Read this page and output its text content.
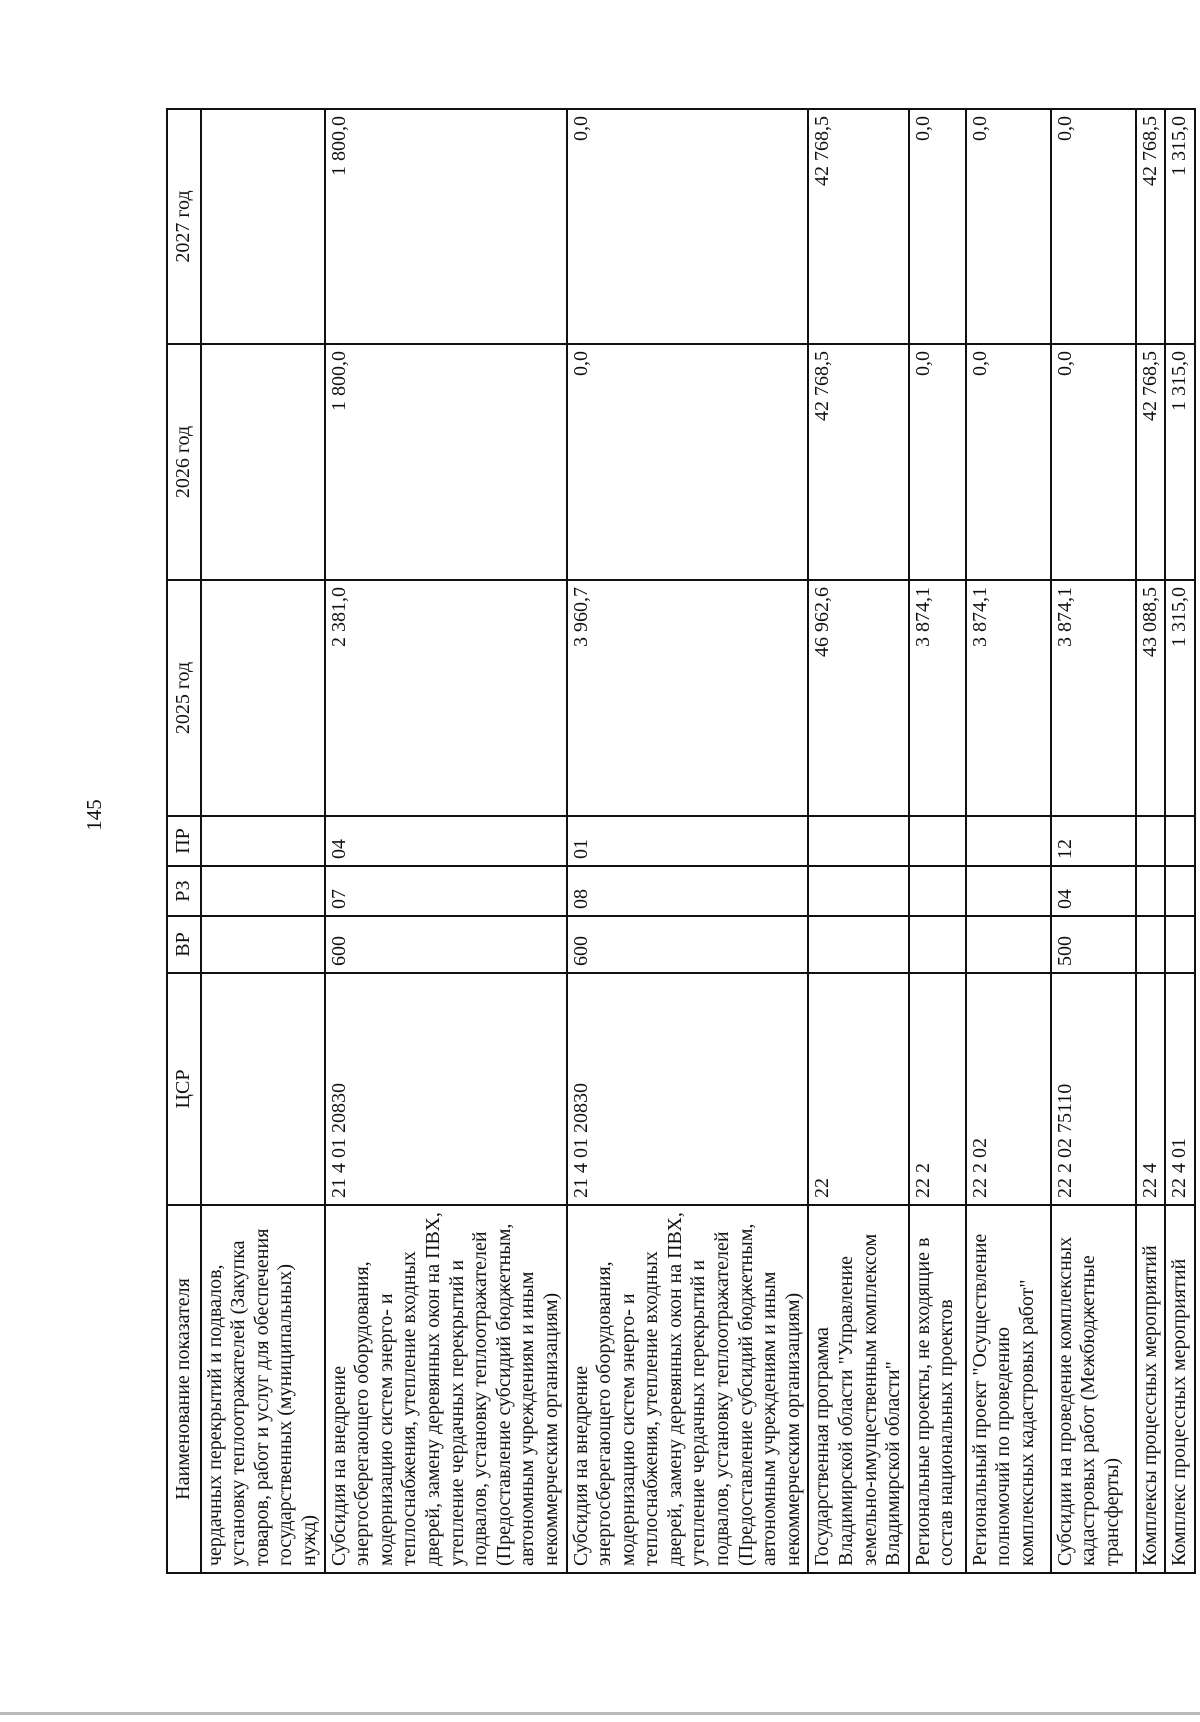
145
Наименование показателя	ЦСР	ВР	РЗ	ПР	2025 год	2026 год	2027 год
чердачных перекрытий и подвалов, установку теплоотражателей (Закупка товаров, работ и услуг для обеспечения государственных (муниципальных) нужд)							
Субсидия на внедрение энергосберегающего оборудования, модернизацию систем энерго- и теплоснабжения, утепление входных дверей, замену деревянных окон на ПВХ, утепление чердачных перекрытий и подвалов, установку теплоотражателей (Предоставление субсидий бюджетным, автономным учреждениям и иным некоммерческим организациям)	21 4 01 20830	600	07	04	2 381,0	1 800,0	1 800,0
Субсидия на внедрение энергосберегающего оборудования, модернизацию систем энерго- и теплоснабжения, утепление входных дверей, замену деревянных окон на ПВХ, утепление чердачных перекрытий и подвалов, установку теплоотражателей (Предоставление субсидий бюджетным, автономным учреждениям и иным некоммерческим организациям)	21 4 01 20830	600	08	01	3 960,7	0,0	0,0
Государственная программа Владимирской области "Управление земельно-имущественным комплексом Владимирской области"	22				46 962,6	42 768,5	42 768,5
Региональные проекты, не входящие в состав национальных проектов	22 2				3 874,1	0,0	0,0
Региональный проект "Осуществление полномочий по проведению комплексных кадастровых работ"	22 2 02				3 874,1	0,0	0,0
Субсидии на проведение комплексных кадастровых работ (Межбюджетные трансферты)	22 2 02 75110	500	04	12	3 874,1	0,0	0,0
Комплексы процессных мероприятий	22 4				43 088,5	42 768,5	42 768,5
Комплекс процессных мероприятий	22 4 01				1 315,0	1 315,0	1 315,0
